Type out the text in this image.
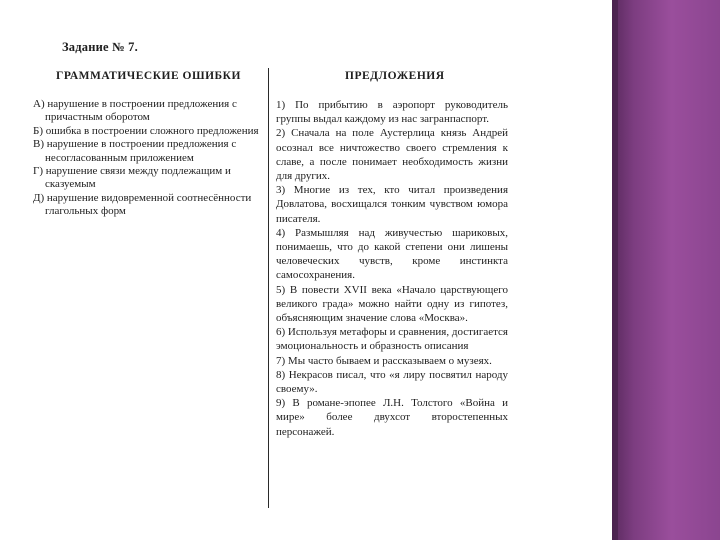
Задание № 7.
ГРАММАТИЧЕСКИЕ ОШИБКИ	ПРЕДЛОЖЕНИЯ

А) нарушение в построении предложения с причастным оборотом

Б) ошибка в построении сложного предложения

В) нарушение в построении предложения с несогласованным приложением

Г) нарушение связи между подлежащим и сказуемым

Д) нарушение видовременной соотнесённости глагольных форм

1) По прибытию в аэропорт руководитель группы выдал каждому из нас загранпаспорт.

2) Сначала на поле Аустерлица князь Андрей осознал все ничтожество своего стремления к славе, а после понимает необходимость жизни для других.

3) Многие из тех, кто читал произведения Довлатова, восхищался тонким чувством юмора писателя.

4) Размышляя над живучестью шариковых, понимаешь, что до какой степени они лишены человеческих чувств, кроме инстинкта самосохранения.

5) В повести XVII века «Начало царствующего великого града» можно найти одну из гипотез, объясняющим значение слова «Москва».

6) Используя метафоры и сравнения, достигается эмоциональность и образность описания

7) Мы часто бываем и рассказываем о музеях.

8) Некрасов писал, что «я лиру посвятил народу своему».

9) В романе-эпопее Л.Н. Толстого «Война и мире» более двухсот второстепенных персонажей.
